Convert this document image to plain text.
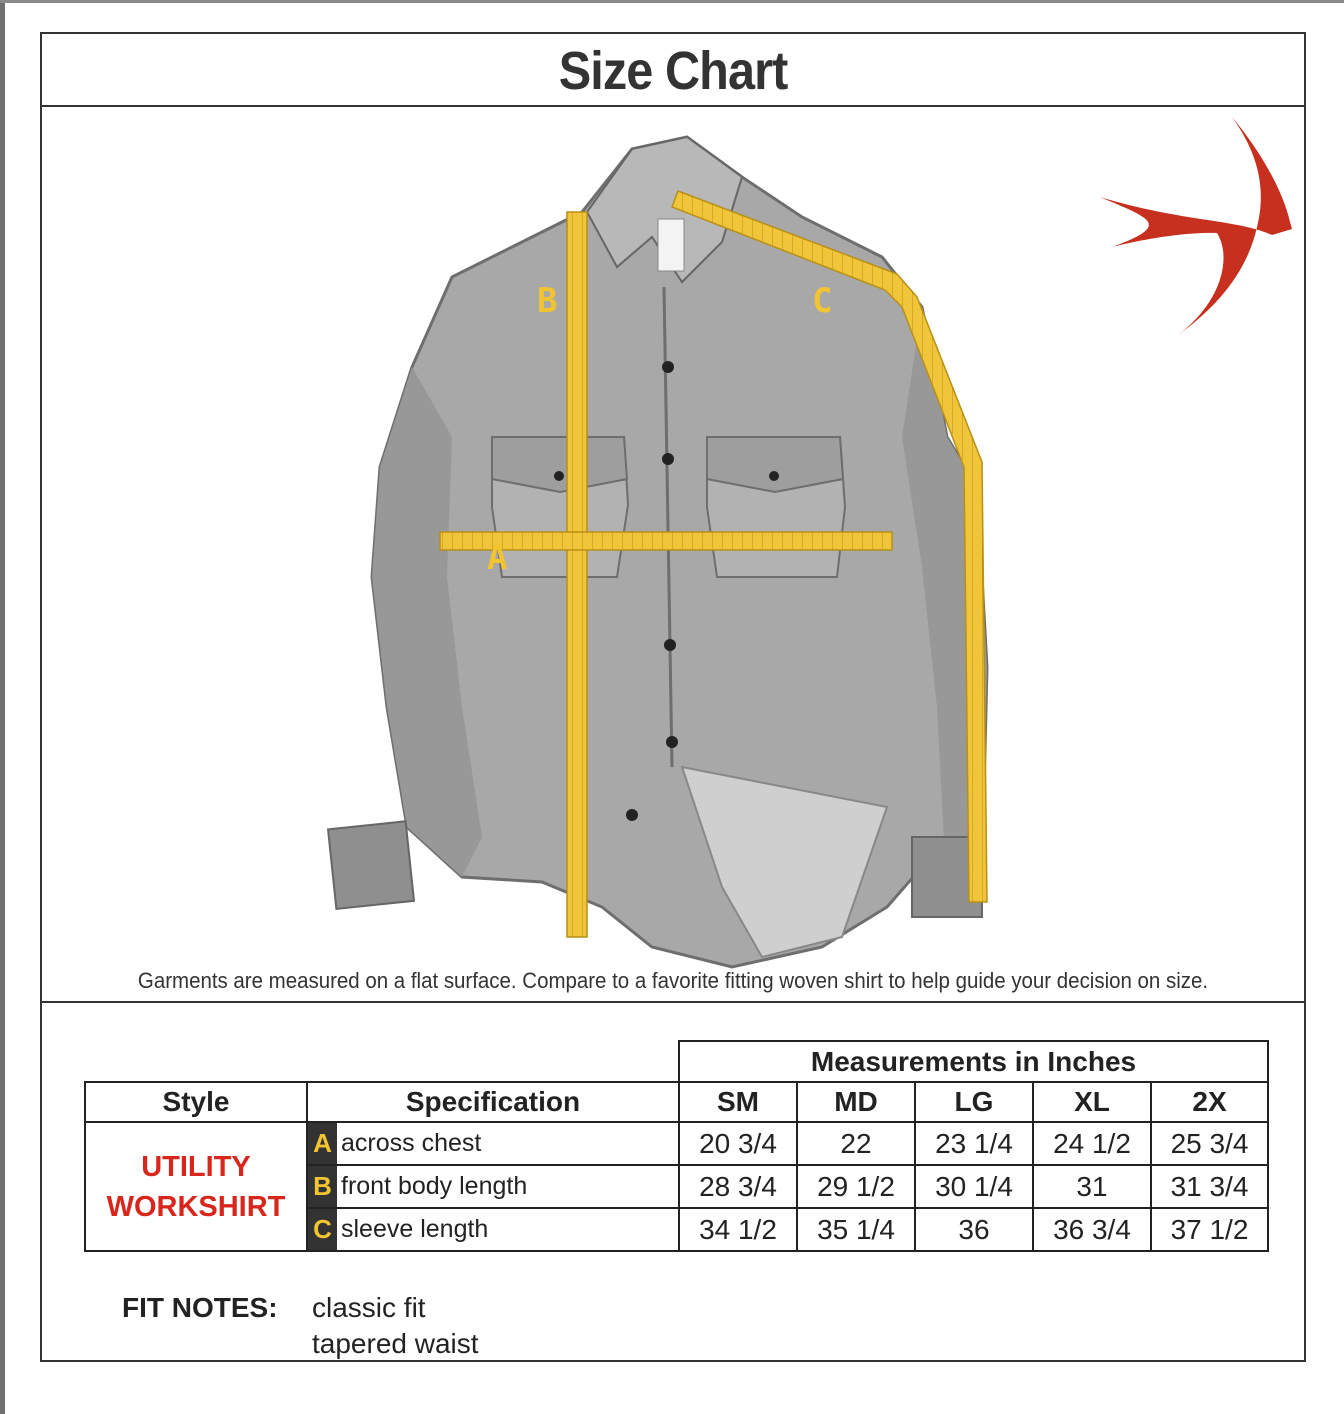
Size Chart
B	C
A
Garments are measured on a flat surface. Compare to a favorite fitting woven shirt to help guide your decision on size.
			Measurements in Inches				
Style	Specification		SM	MD	LG	XL	2X

UTILITY
WORKSHIRT	A	across chest	20 3/4	22	23 1/4	24 1/2	25 3/4
	B	front body length	28 3/4	29 1/2	30 1/4	31	31 3/4
	C	sleeve length	34 1/2	35 1/4	36	36 3/4	37 1/2
FIT NOTES: classic fit
tapered waist
